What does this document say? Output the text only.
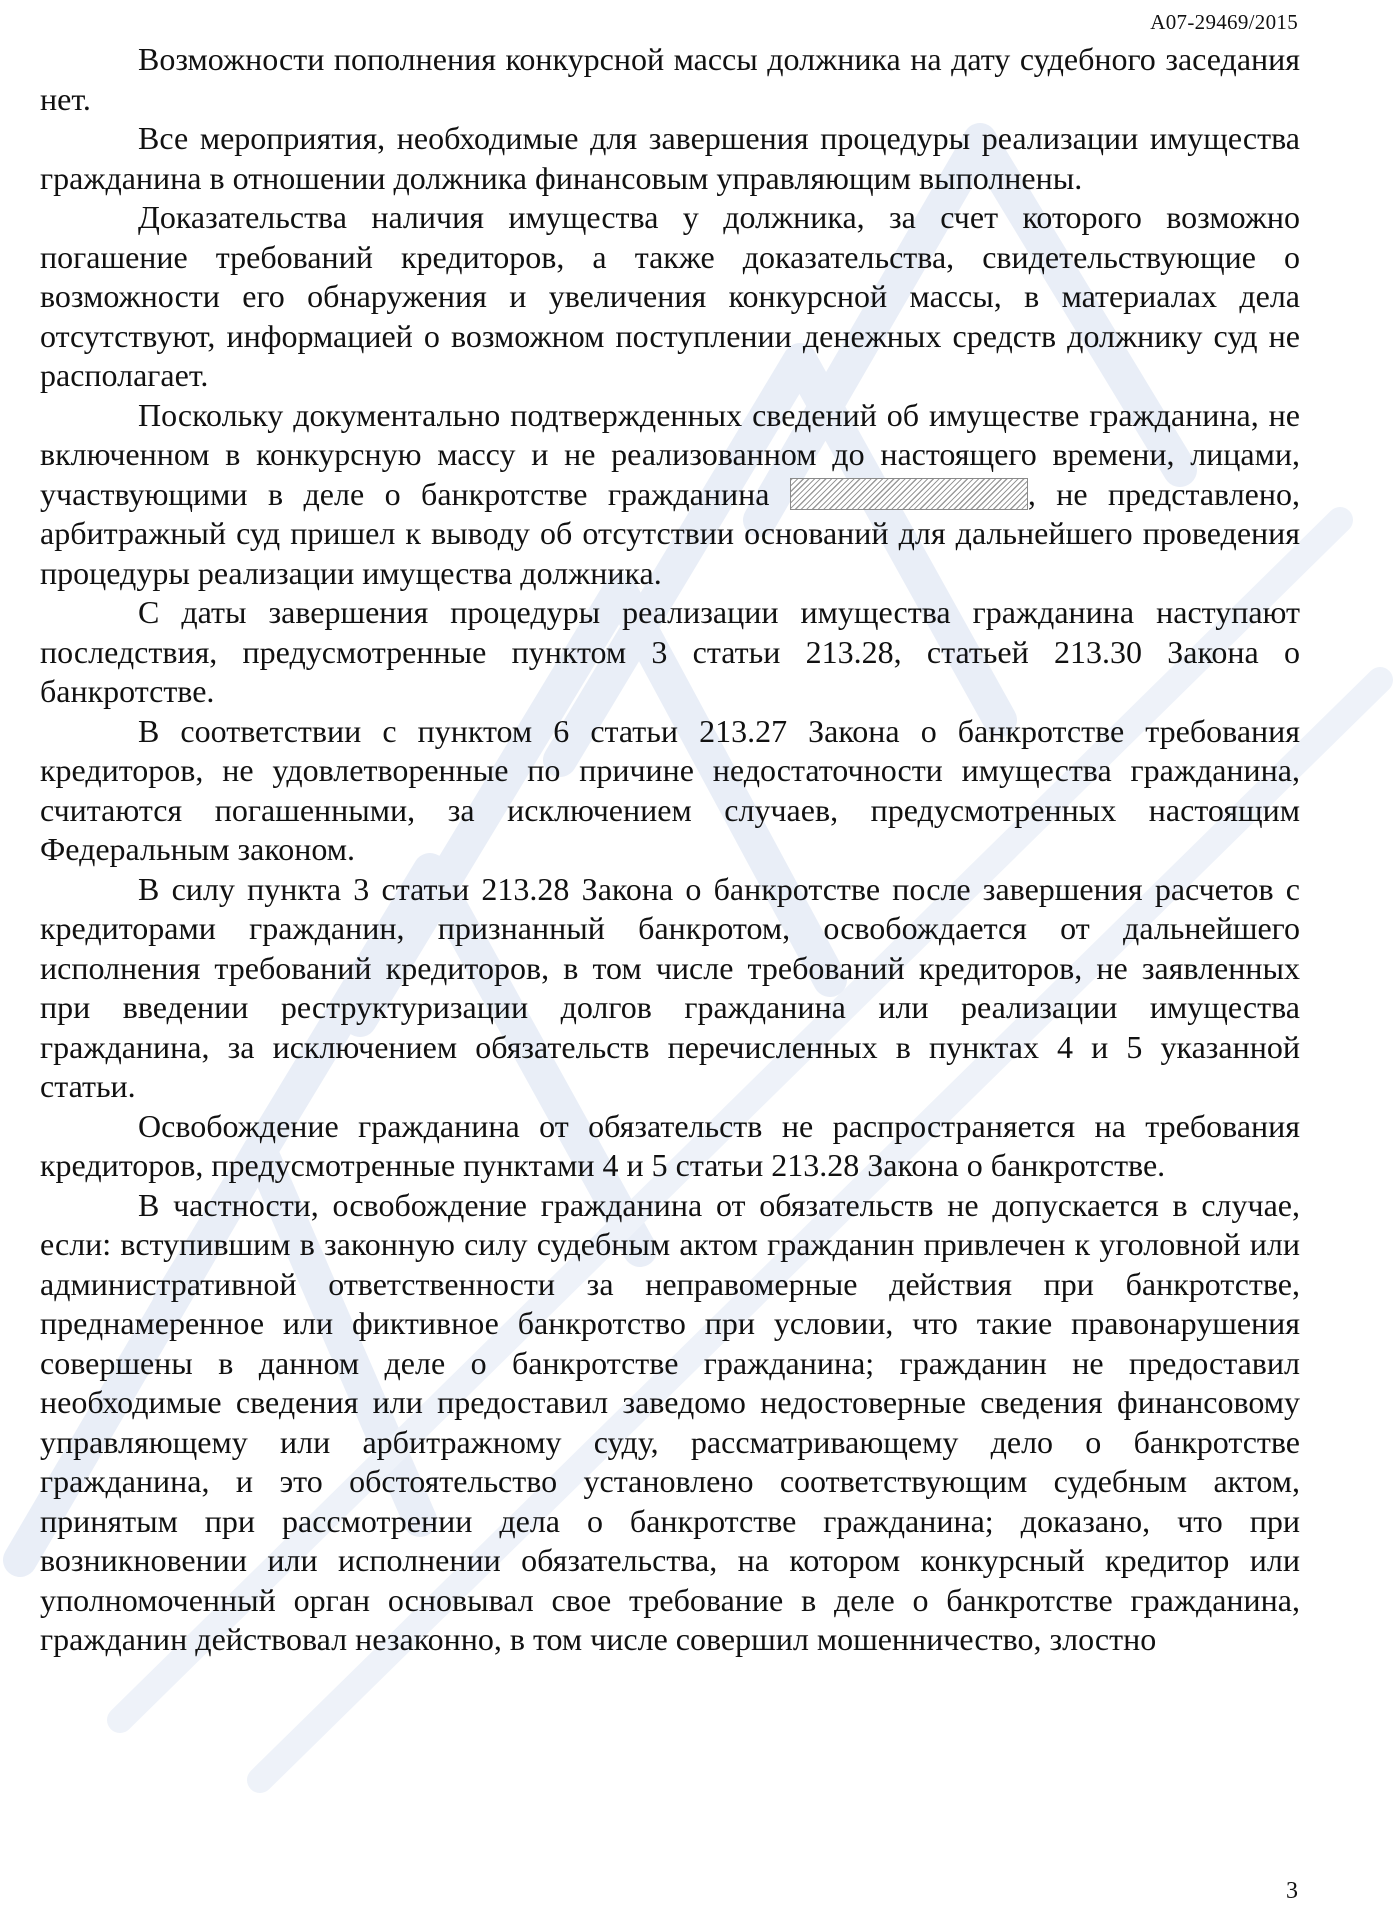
А07-29469/2015

Возможности пополнения конкурсной массы должника на дату судебного заседания нет.

Все мероприятия, необходимые для завершения процедуры реализации имущества гражданина в отношении должника финансовым управляющим выполнены.

Доказательства наличия имущества у должника, за счет которого возможно погашение требований кредиторов, а также доказательства, свидетельствующие о возможности его обнаружения и увеличения конкурсной массы, в материалах дела отсутствуют, информацией о возможном поступлении денежных средств должнику суд не располагает.

Поскольку документально подтвержденных сведений об имуществе гражданина, не включенном в конкурсную массу и не реализованном до настоящего времени, лицами, участвующими в деле о банкротстве гражданина	, не представлено, арбитражный суд пришел к выводу об отсутствии оснований для дальнейшего проведения процедуры реализации имущества должника.

С даты завершения процедуры реализации имущества гражданина наступают последствия, предусмотренные пунктом 3 статьи 213.28, статьей 213.30 Закона о банкротстве.

В соответствии с пунктом 6 статьи 213.27 Закона о банкротстве требования кредиторов, не удовлетворенные по причине недостаточности имущества гражданина, считаются погашенными, за исключением случаев, предусмотренных настоящим Федеральным законом.

В силу пункта 3 статьи 213.28 Закона о банкротстве после завершения расчетов с кредиторами гражданин, признанный банкротом, освобождается от дальнейшего исполнения требований кредиторов, в том числе требований кредиторов, не заявленных при введении реструктуризации долгов гражданина или реализации имущества гражданина, за исключением обязательств перечисленных в пунктах 4 и 5 указанной статьи.

Освобождение гражданина от обязательств не распространяется на требования кредиторов, предусмотренные пунктами 4 и 5 статьи 213.28 Закона о банкротстве.

В частности, освобождение гражданина от обязательств не допускается в случае, если: вступившим в законную силу судебным актом гражданин привлечен к уголовной или административной ответственности за неправомерные действия при банкротстве, преднамеренное или фиктивное банкротство при условии, что такие правонарушения совершены в данном деле о банкротстве гражданина; гражданин не предоставил необходимые сведения или предоставил заведомо недостоверные сведения финансовому управляющему или арбитражному суду, рассматривающему дело о банкротстве гражданина, и это обстоятельство установлено соответствующим судебным актом, принятым при рассмотрении дела о банкротстве гражданина; доказано, что при возникновении или исполнении обязательства, на котором конкурсный кредитор или уполномоченный орган основывал свое требование в деле о банкротстве гражданина, гражданин действовал незаконно, в том числе совершил мошенничество, злостно

3
